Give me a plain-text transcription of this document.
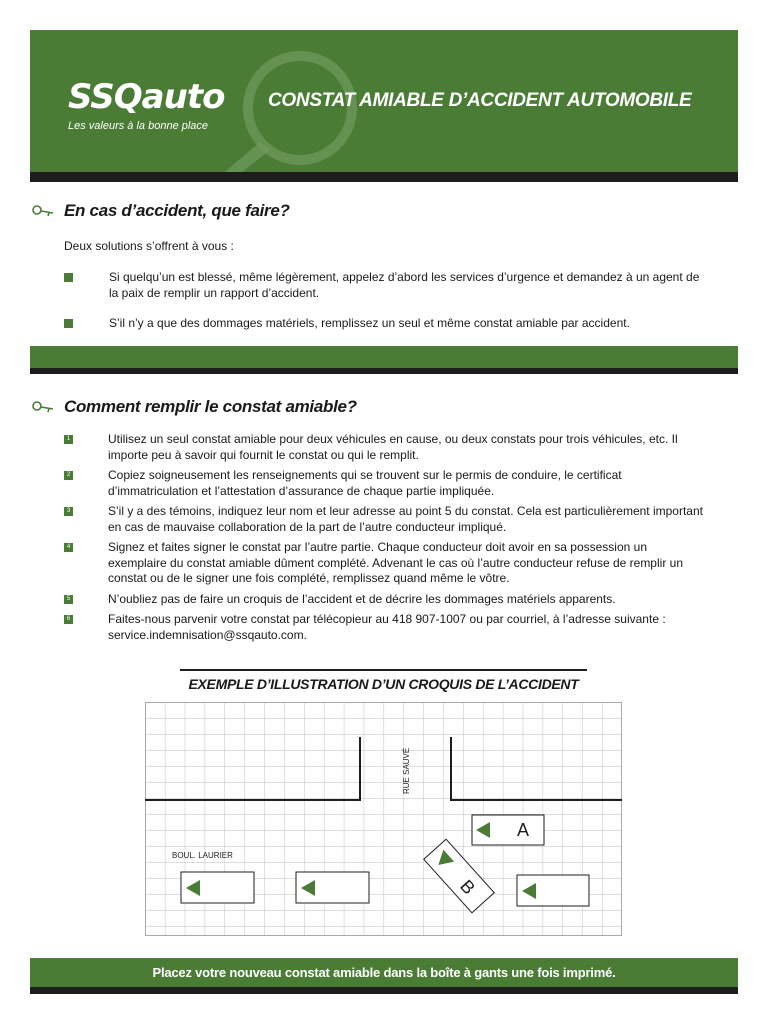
SSQauto
Les valeurs à la bonne place
CONSTAT AMIABLE D’ACCIDENT AUTOMOBILE
En cas d’accident, que faire?
Deux solutions s’offrent à vous :
Si quelqu’un est blessé, même légèrement, appelez d’abord les services d’urgence et demandez à un agent de la paix de remplir un rapport d’accident.
S’il n’y a que des dommages matériels, remplissez un seul et même constat amiable par accident.
Comment remplir le constat amiable?
1	Utilisez un seul constat amiable pour deux véhicules en cause, ou deux constats pour trois véhicules, etc. Il importe peu à savoir qui fournit le constat ou qui le remplit.
2	Copiez soigneusement les renseignements qui se trouvent sur le permis de conduire, le certificat d’immatriculation et l’attestation d’assurance de chaque partie impliquée.
3	S’il y a des témoins, indiquez leur nom et leur adresse au point 5 du constat. Cela est particulièrement important en cas de mauvaise collaboration de la part de l’autre conducteur impliqué.
4	Signez et faites signer le constat par l’autre partie. Chaque conducteur doit avoir en sa possession un exemplaire du constat amiable dûment complété. Advenant le cas où l’autre conducteur refuse de remplir un constat ou de le signer une fois complété, remplissez quand même le vôtre.
5	N’oubliez pas de faire un croquis de l’accident et de décrire les dommages matériels apparents.
6	Faites-nous parvenir votre constat par télécopieur au 418 907-1007 ou par courriel, à l’adresse suivante : service.indemnisation@ssqauto.com.
EXEMPLE D’ILLUSTRATION D’UN CROQUIS DE L’ACCIDENT
RUE SAUVÉ
BOUL. LAURIER
A
B
Placez votre nouveau constat amiable dans la boîte à gants une fois imprimé.
